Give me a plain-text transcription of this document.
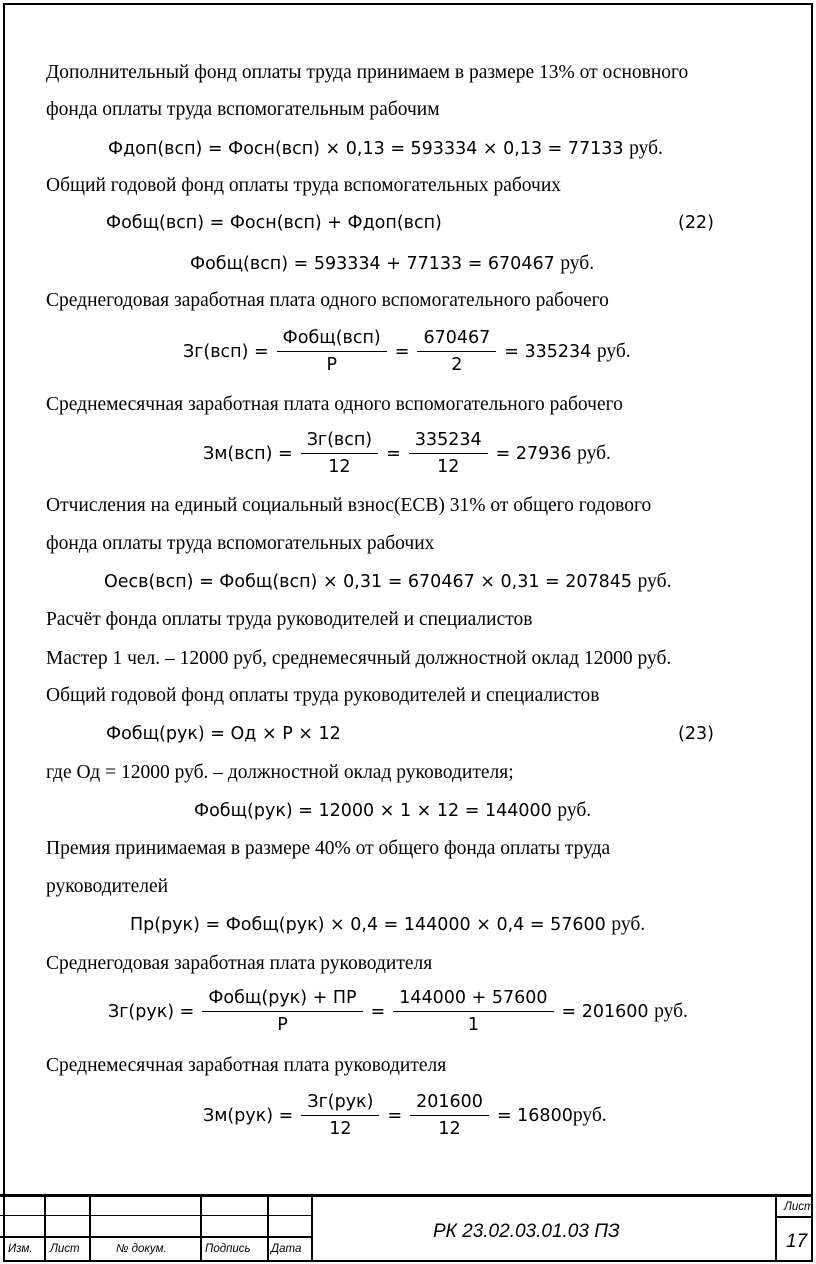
Дополнительный фонд оплаты труда принимаем в размере 13% от основного
фонда оплаты труда вспомогательным рабочим
Фдоп(всп) = Фосн(всп) × 0,13 = 593334 × 0,13 = 77133 руб.
Общий годовой фонд оплаты труда вспомогательных рабочих
Фобщ(всп) = Фосн(всп) + Фдоп(всп)	(22)
Фобщ(всп) = 593334 + 77133 = 670467 руб.
Среднегодовая заработная плата одного вспомогательного рабочего
$Зг(всп) = \frac{\text{Фобщ(всп)}}{Р} = \frac{670467}{2} = 335234$
руб.
Среднемесячная заработная плата одного вспомогательного рабочего
$Зм(всп) = \frac{\text{Зг(всп)}}{12} = \frac{335234}{12} = 27936$
руб.
Отчисления на единый социальный взнос(ЕСВ) 31% от общего годового
фонда оплаты труда вспомогательных рабочих
Оесв(всп) = Фобщ(всп) × 0,31 = 670467 × 0,31 = 207845 руб.
Расчёт фонда оплаты труда руководителей и специалистов
Мастер 1 чел. – 12000 руб, среднемесячный должностной оклад 12000 руб.
Общий годовой фонд оплаты труда руководителей и специалистов
Фобщ(рук) = Од × Р × 12	(23)
где Од = 12000 руб. – должностной оклад руководителя;
Фобщ(рук) = 12000 × 1 × 12 = 144000 руб.
Премия принимаемая в размере 40% от общего фонда оплаты труда
руководителей
Пр(рук) = Фобщ(рук) × 0,4 = 144000 × 0,4 = 57600 руб.
Среднегодовая заработная плата руководителя
$Зг(рук) = \frac{\text{Фобщ(рук) + ПР}}{Р} = \frac{144000 + 57600}{1} = 201600$
руб.
Среднемесячная заработная плата руководителя
$Зм(рук) = \frac{\text{Зг(рук)}}{12} = \frac{201600}{12} = 16800$ руб.
Изм. Лист	№ докум.	Подпись Дата
РК 23.02.03.01.03 ПЗ
Лист
17
